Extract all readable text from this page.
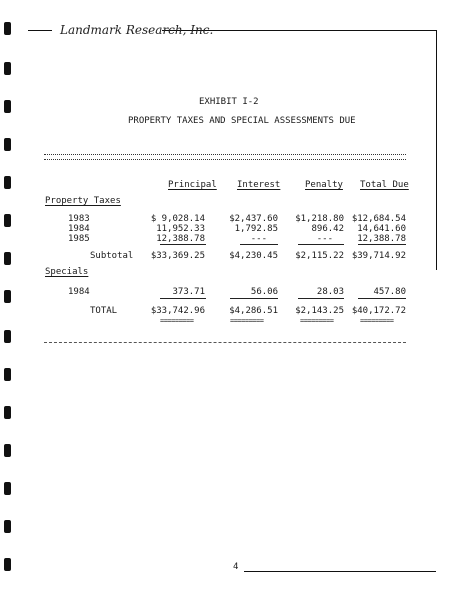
Landmark Research, Inc.
EXHIBIT I-2
PROPERTY TAXES AND SPECIAL ASSESSMENTS DUE
Principal Interest	Penalty Total Due
Property Taxes
1983	$ 9,028.14	$2,437.60 $1,218.80 $12,684.54
1984	11,952.33	1,792.85	896.42 14,641.60
1985	12,388.78	---	---	12,388.78
Subtotal $33,369.25	$4,230.45 $2,115.22 $39,714.92
Specials
1984	373.71	56.06	28.03	457.80
TOTAL	$33,742.96	$4,286.51 $2,143.25 $40,172.72
=========	=========	=========	=========
4
